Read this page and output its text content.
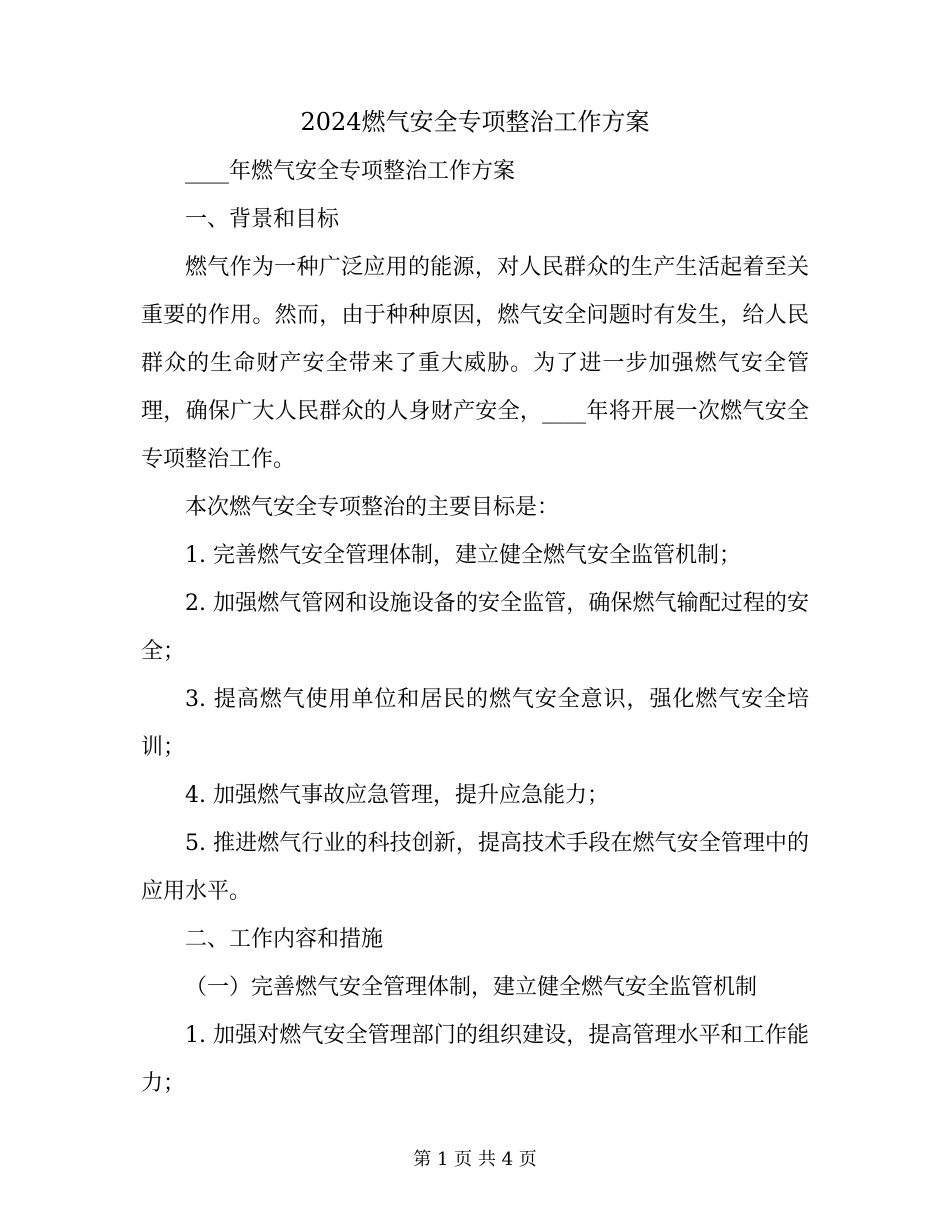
2024燃气安全专项整治工作方案

____年燃气安全专项整治工作方案

一、背景和目标

燃气作为一种广泛应用的能源，对人民群众的生产生活起着至关重要的作用。然而，由于种种原因，燃气安全问题时有发生，给人民群众的生命财产安全带来了重大威胁。为了进一步加强燃气安全管理，确保广大人民群众的人身财产安全，____年将开展一次燃气安全专项整治工作。

本次燃气安全专项整治的主要目标是：

1. 完善燃气安全管理体制，建立健全燃气安全监管机制；

2. 加强燃气管网和设施设备的安全监管，确保燃气输配过程的安全；

3. 提高燃气使用单位和居民的燃气安全意识，强化燃气安全培训；

4. 加强燃气事故应急管理，提升应急能力；

5. 推进燃气行业的科技创新，提高技术手段在燃气安全管理中的应用水平。

二、工作内容和措施

（一）完善燃气安全管理体制，建立健全燃气安全监管机制

1. 加强对燃气安全管理部门的组织建设，提高管理水平和工作能力；

第 1 页 共 4 页
